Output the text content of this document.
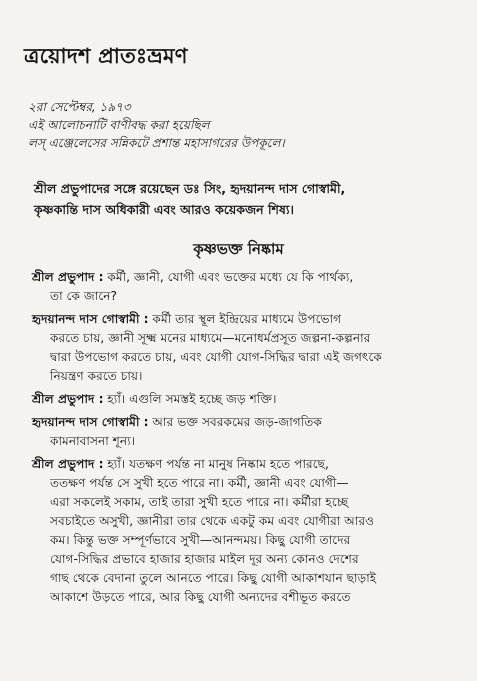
ত্রয়োদশ প্রাতঃভ্রমণ
২রা সেপ্টেম্বর, ১৯৭৩
এই আলোচনাটি বাণীবদ্ধ করা হয়েছিল
লস্ এঞ্জেলেসের সন্নিকটে প্রশান্ত মহাসাগরের উপকূলে।
শ্রীল প্রভুপাদের সঙ্গে রয়েছেন ডঃ সিং, হৃদয়ানন্দ দাস গোস্বামী,
কৃষ্ণকান্তি দাস অধিকারী এবং আরও কয়েকজন শিষ্য।
কৃষ্ণভক্ত নিষ্কাম
শ্রীল প্রভুপাদ : কর্মী, জ্ঞানী, যোগী এবং ভক্তের মধ্যে যে কি পার্থক্য,
তা কে জানে?
হৃদয়ানন্দ দাস গোস্বামী : কর্মী তার স্থূল ইন্দ্রিয়ের মাধ্যমে উপভোগ
করতে চায়, জ্ঞানী সূক্ষ্ম মনের মাধ্যমে—মনোধর্মপ্রসূত জল্পনা-কল্পনার
দ্বারা উপভোগ করতে চায়, এবং যোগী যোগ-সিদ্ধির দ্বারা এই জগৎকে
নিয়ন্ত্রণ করতে চায়।
শ্রীল প্রভুপাদ : হ্যাঁ। এগুলি সমস্তই হচ্ছে জড় শক্তি।
হৃদয়ানন্দ দাস গোস্বামী : আর ভক্ত সবরকমের জড়-জাগতিক
কামনাবাসনা শূন্য।
শ্রীল প্রভুপাদ : হ্যাঁ। যতক্ষণ পর্যন্ত না মানুষ নিষ্কাম হতে পারছে,
ততক্ষণ পর্যন্ত সে সুখী হতে পারে না। কর্মী, জ্ঞানী এবং যোগী—
এরা সকলেই সকাম, তাই তারা সুখী হতে পারে না। কর্মীরা হচ্ছে
সবচাইতে অসুখী, জ্ঞানীরা তার থেকে একটু কম এবং যোগীরা আরও
কম। কিন্তু ভক্ত সম্পূর্ণভাবে সুখী—আনন্দময়। কিছু যোগী তাদের
যোগ-সিদ্ধির প্রভাবে হাজার হাজার মাইল দূর অন্য কোনও দেশের
গাছ থেকে বেদানা তুলে আনতে পারে। কিছু যোগী আকাশযান ছাড়াই
আকাশে উড়তে পারে, আর কিছু যোগী অন্যদের বশীভূত করতে
